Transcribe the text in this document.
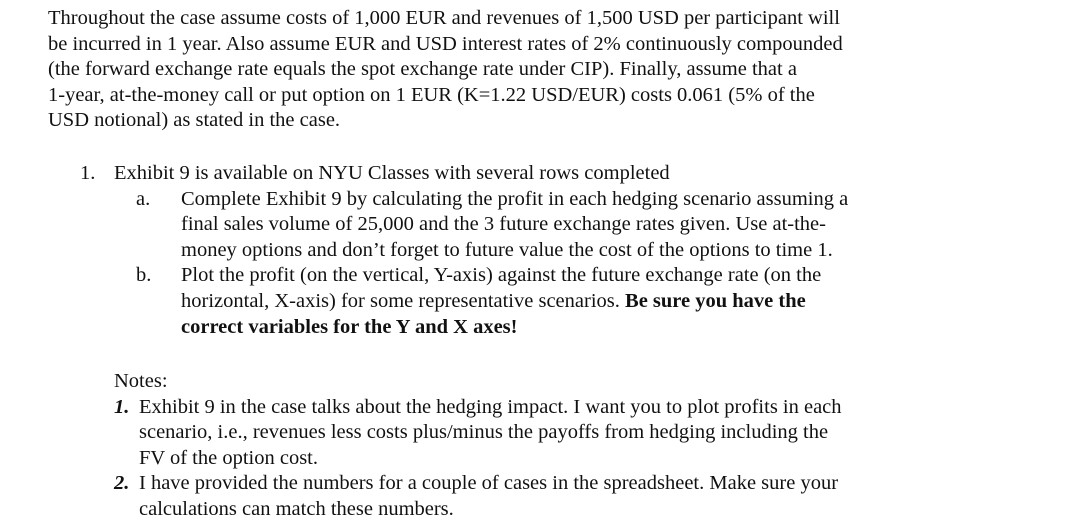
Throughout the case assume costs of 1,000 EUR and revenues of 1,500 USD per participant will
be incurred in 1 year. Also assume EUR and USD interest rates of 2% continuously compounded
(the forward exchange rate equals the spot exchange rate under CIP). Finally, assume that a
1-year, at-the-money call or put option on 1 EUR (K=1.22 USD/EUR) costs 0.061 (5% of the
USD notional) as stated in the case.
1. Exhibit 9 is available on NYU Classes with several rows completed
a. Complete Exhibit 9 by calculating the profit in each hedging scenario assuming a
final sales volume of 25,000 and the 3 future exchange rates given. Use at-the-
money options and don’t forget to future value the cost of the options to time 1.
b. Plot the profit (on the vertical, Y-axis) against the future exchange rate (on the
horizontal, X-axis) for some representative scenarios. Be sure you have the
correct variables for the Y and X axes!
Notes:
1. Exhibit 9 in the case talks about the hedging impact. I want you to plot profits in each
scenario, i.e., revenues less costs plus/minus the payoffs from hedging including the
FV of the option cost.
2. I have provided the numbers for a couple of cases in the spreadsheet. Make sure your
calculations can match these numbers.
